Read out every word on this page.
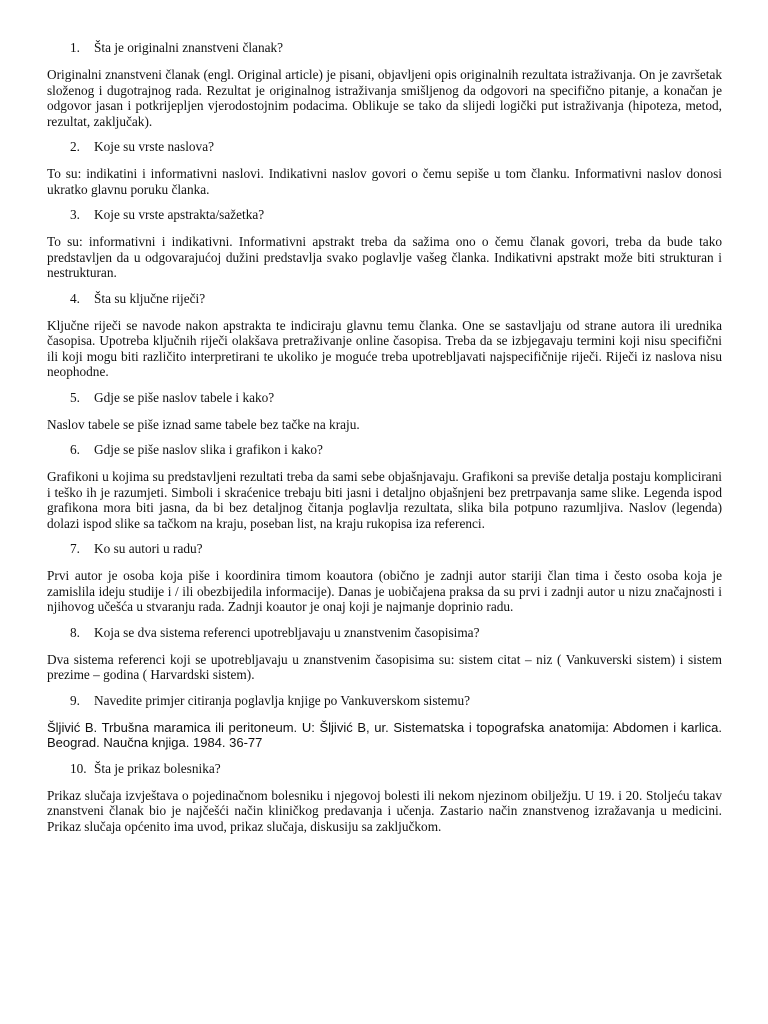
1.	Šta je originalni znanstveni članak?

Originalni znanstveni članak (engl. Original article) je pisani, objavljeni opis originalnih rezultata istraživanja. On je završetak složenog i dugotrajnog rada. Rezultat je originalnog istraživanja smišljenog da odgovori na specifično pitanje, a konačan je odgovor jasan i potkrijepljen vjerodostojnim podacima. Oblikuje se tako da slijedi logički put istraživanja (hipoteza, metod, rezultat, zaključak).

2.	Koje su vrste naslova?

To su: indikatini i informativni naslovi. Indikativni naslov govori o čemu sepiše u tom članku. Informativni naslov donosi ukratko glavnu poruku članka.

3.	Koje su vrste apstrakta/sažetka?

To su: informativni i indikativni. Informativni apstrakt treba da sažima ono o čemu članak govori, treba da bude tako predstavljen da u odgovarajućoj dužini predstavlja svako poglavlje vašeg članka. Indikativni apstrakt može biti strukturan i nestrukturan.

4.	Šta su ključne riječi?

Ključne riječi se navode nakon apstrakta te indiciraju glavnu temu članka. One se sastavljaju od strane autora ili urednika časopisa. Upotreba ključnih riječi olakšava pretraživanje online časopisa. Treba da se izbjegavaju termini koji nisu specifični ili koji mogu biti različito interpretirani te ukoliko je moguće treba upotrebljavati najspecifičnije riječi. Riječi iz naslova nisu neophodne.

5.	Gdje se piše naslov tabele i kako?

Naslov tabele se piše iznad same tabele bez tačke na kraju.

6.	Gdje se piše naslov slika i grafikon i kako?

Grafikoni u kojima su predstavljeni rezultati treba da sami sebe objašnjavaju. Grafikoni sa previše detalja postaju komplicirani i teško ih je razumjeti. Simboli i skraćenice trebaju biti jasni i detaljno objašnjeni bez pretrpavanja same slike. Legenda ispod grafikona mora biti jasna, da bi bez detaljnog čitanja poglavlja rezultata, slika bila potpuno razumljiva. Naslov (legenda) dolazi ispod slike sa tačkom na kraju, poseban list, na kraju rukopisa iza referenci.

7.	Ko su autori u radu?

Prvi autor je osoba koja piše i koordinira timom koautora (obično je zadnji autor stariji član tima i često osoba koja je zamislila ideju studije i / ili obezbijedila informacije). Danas je uobičajena praksa da su prvi i zadnji autor u nizu značajnosti i njihovog učešća u stvaranju rada. Zadnji koautor je onaj koji je najmanje doprinio radu.

8.	Koja se dva sistema referenci upotrebljavaju u znanstvenim časopisima?

Dva sistema referenci koji se upotrebljavaju u znanstvenim časopisima su: sistem citat – niz ( Vankuverski sistem) i sistem prezime – godina ( Harvardski sistem).

9.	Navedite primjer citiranja poglavlja knjige po Vankuverskom sistemu?

Šljivić B. Trbušna maramica ili peritoneum. U: Šljivić B, ur. Sistematska i topografska anatomija: Abdomen i karlica. Beograd. Naučna knjiga. 1984. 36-77

10. Šta je prikaz bolesnika?

Prikaz slučaja izvještava o pojedinačnom bolesniku i njegovoj bolesti ili nekom njezinom obilježju. U 19. i 20. Stoljeću takav znanstveni članak bio je najčešći način kliničkog predavanja i učenja. Zastario način znanstvenog izražavanja u medicini. Prikaz slučaja općenito ima uvod, prikaz slučaja, diskusiju sa zaključkom.
